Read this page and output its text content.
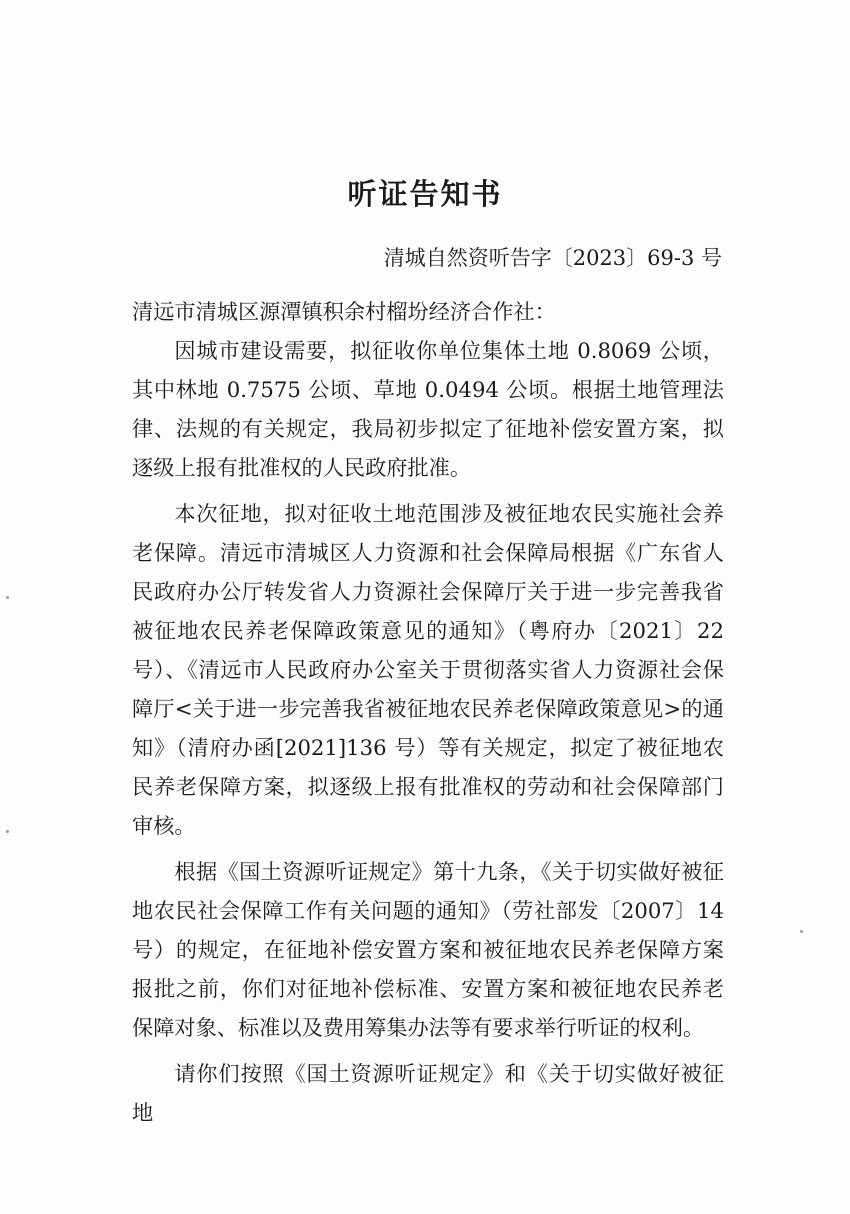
听证告知书
清城自然资听告字〔2023〕69-3 号

清远市清城区源潭镇积余村榴坋经济合作社：

因城市建设需要，拟征收你单位集体土地 0.8069 公顷，其中林地 0.7575 公顷、草地 0.0494 公顷。根据土地管理法律、法规的有关规定，我局初步拟定了征地补偿安置方案，拟逐级上报有批准权的人民政府批准。

本次征地，拟对征收土地范围涉及被征地农民实施社会养老保障。清远市清城区人力资源和社会保障局根据《广东省人民政府办公厅转发省人力资源社会保障厅关于进一步完善我省被征地农民养老保障政策意见的通知》（粤府办〔2021〕22 号）、《清远市人民政府办公室关于贯彻落实省人力资源社会保障厅<关于进一步完善我省被征地农民养老保障政策意见>的通知》（清府办函[2021]136 号）等有关规定，拟定了被征地农民养老保障方案，拟逐级上报有批准权的劳动和社会保障部门审核。

根据《国土资源听证规定》第十九条，《关于切实做好被征地农民社会保障工作有关问题的通知》（劳社部发〔2007〕14 号）的规定，在征地补偿安置方案和被征地农民养老保障方案报批之前，你们对征地补偿标准、安置方案和被征地农民养老保障对象、标准以及费用筹集办法等有要求举行听证的权利。

请你们按照《国土资源听证规定》和《关于切实做好被征地
